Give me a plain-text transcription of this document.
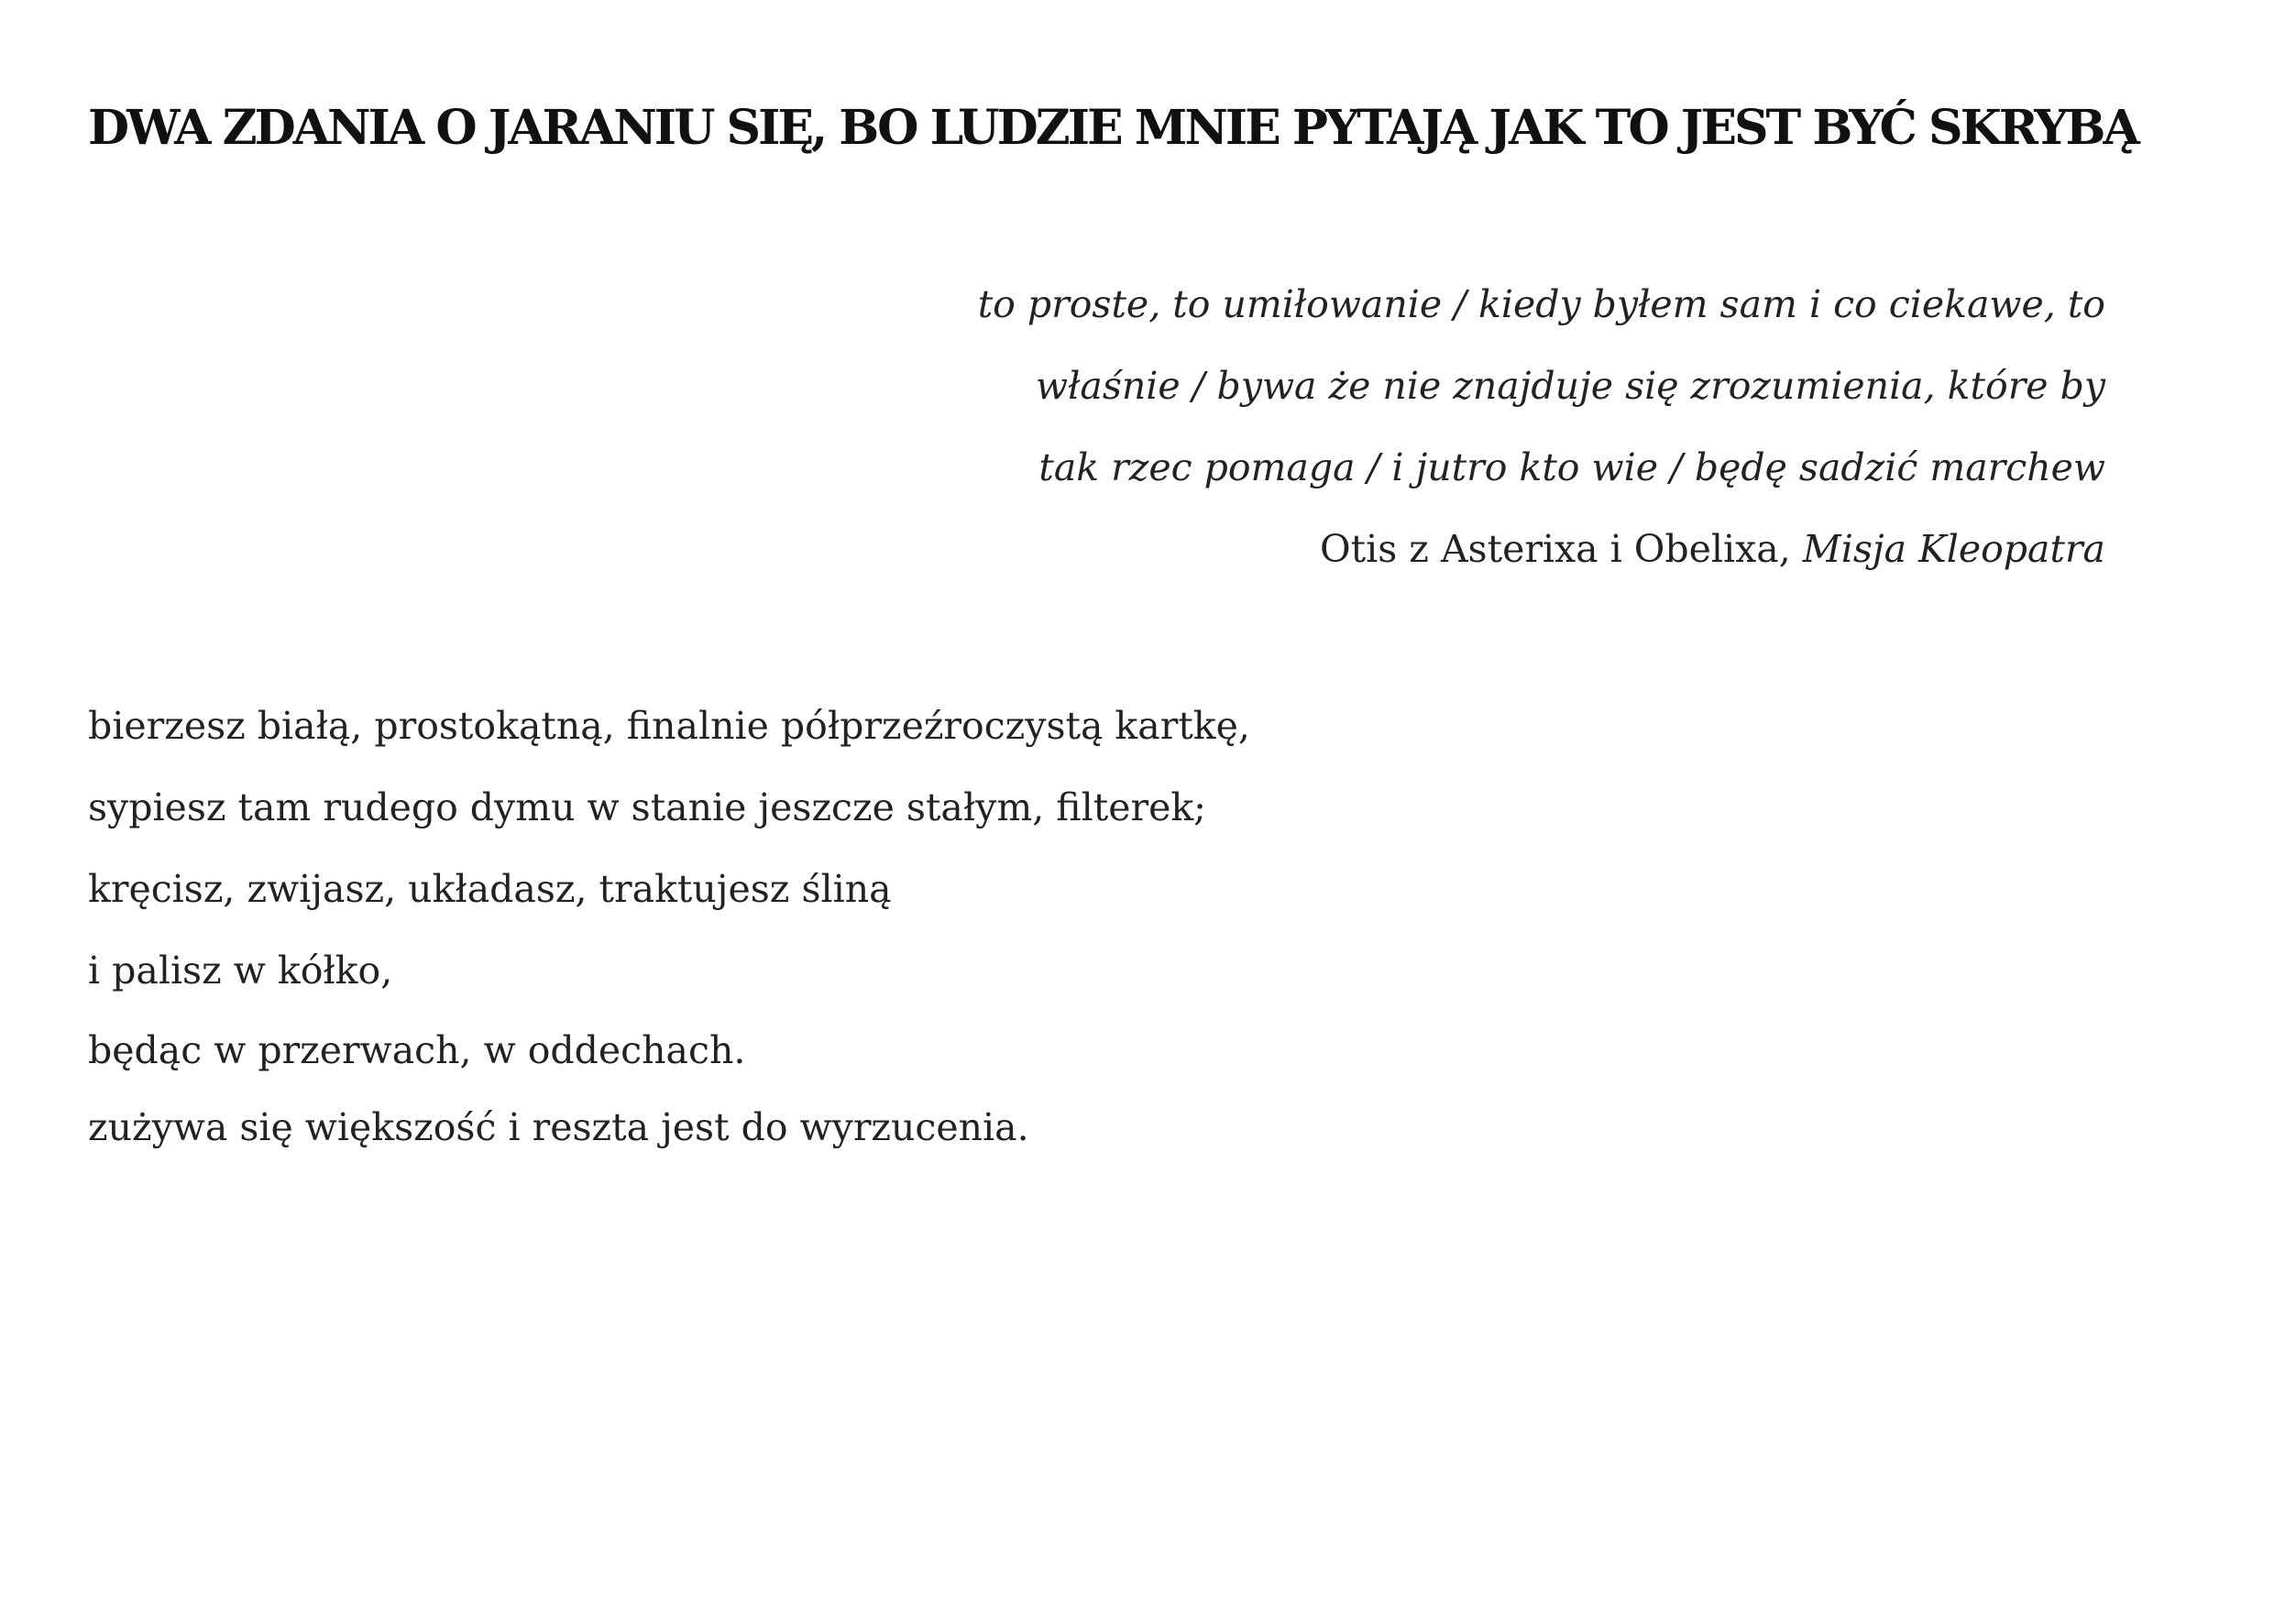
DWA ZDANIA O JARANIU SIĘ, BO LUDZIE MNIE PYTAJĄ JAK TO JEST BYĆ SKRYBĄ
to proste, to umiłowanie / kiedy byłem sam i co ciekawe, to
właśnie / bywa że nie znajduje się zrozumienia, które by
tak rzec pomaga / i jutro kto wie / będę sadzić marchew
Otis z Asterixa i Obelixa, Misja Kleopatra
bierzesz białą, prostokątną, finalnie półprzeźroczystą kartkę,
sypiesz tam rudego dymu w stanie jeszcze stałym, filterek;
kręcisz, zwijasz, układasz, traktujesz śliną
i palisz w kółko,
będąc w przerwach, w oddechach.
zużywa się większość i reszta jest do wyrzucenia.
